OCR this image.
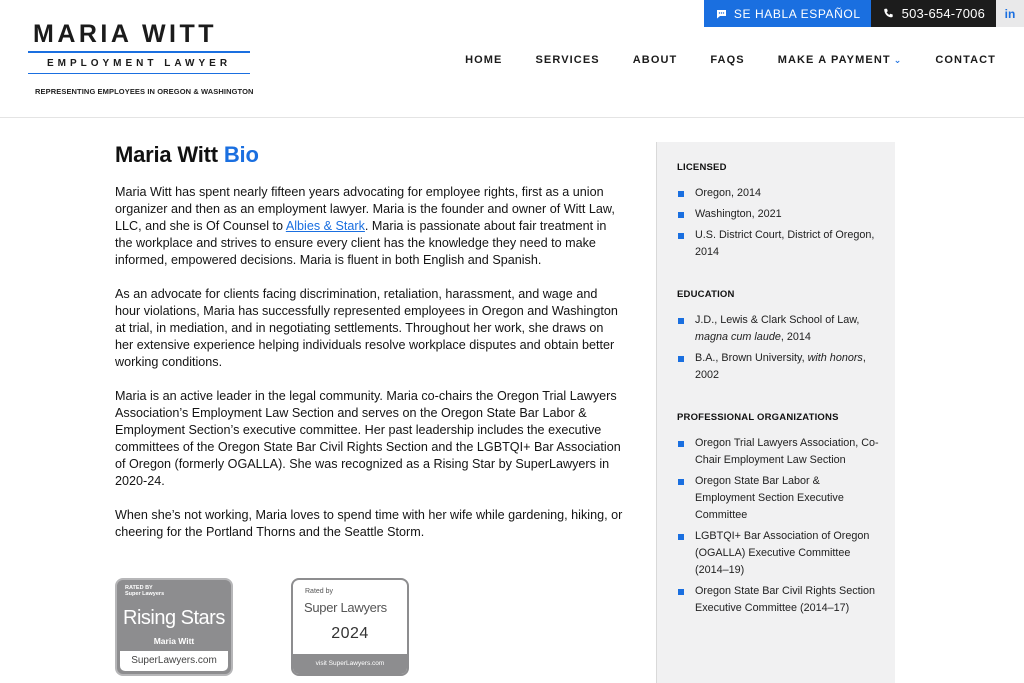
MARIA WITT
EMPLOYMENT LAWYER
REPRESENTING EMPLOYEES IN OREGON & WASHINGTON
HOME	SERVICES	ABOUT	FAQS	MAKE A PAYMENT ⌄	CONTACT
SE HABLA ESPAÑOL	503-654-7006	in
Maria Witt Bio

Maria Witt has spent nearly fifteen years advocating for employee rights, first as a union organizer and then as an employment lawyer. Maria is the founder and owner of Witt Law, LLC, and she is Of Counsel to Albies & Stark. Maria is passionate about fair treatment in the workplace and strives to ensure every client has the knowledge they need to make informed, empowered decisions. Maria is fluent in both English and Spanish.

As an advocate for clients facing discrimination, retaliation, harassment, and wage and hour violations, Maria has successfully represented employees in Oregon and Washington at trial, in mediation, and in negotiating settlements. Throughout her work, she draws on her extensive experience helping individuals resolve workplace disputes and obtain better working conditions.

Maria is an active leader in the legal community. Maria co-chairs the Oregon Trial Lawyers Association’s Employment Law Section and serves on the Oregon State Bar Labor & Employment Section’s executive committee. Her past leadership includes the executive committees of the Oregon State Bar Civil Rights Section and the LGBTQI+ Bar Association of Oregon (formerly OGALLA). She was recognized as a Rising Star by SuperLawyers in 2020-24.

When she’s not working, Maria loves to spend time with her wife while gardening, hiking, or cheering for the Portland Thorns and the Seattle Storm.

RATED BY
Super Lawyers
Rising Stars
Maria Witt
SuperLawyers.com
Rated by
Super Lawyers
2024
visit SuperLawyers.com
LICENSED
Oregon, 2014
Washington, 2021
U.S. District Court, District of Oregon, 2014
EDUCATION
J.D., Lewis & Clark School of Law,
magna cum laude, 2014
B.A., Brown University, with honors, 2002
PROFESSIONAL ORGANIZATIONS
Oregon Trial Lawyers Association, Co-Chair Employment Law Section
Oregon State Bar Labor & Employment Section Executive Committee
LGBTQI+ Bar Association of Oregon (OGALLA) Executive Committee (2014–19)
Oregon State Bar Civil Rights Section Executive Committee (2014–17)
